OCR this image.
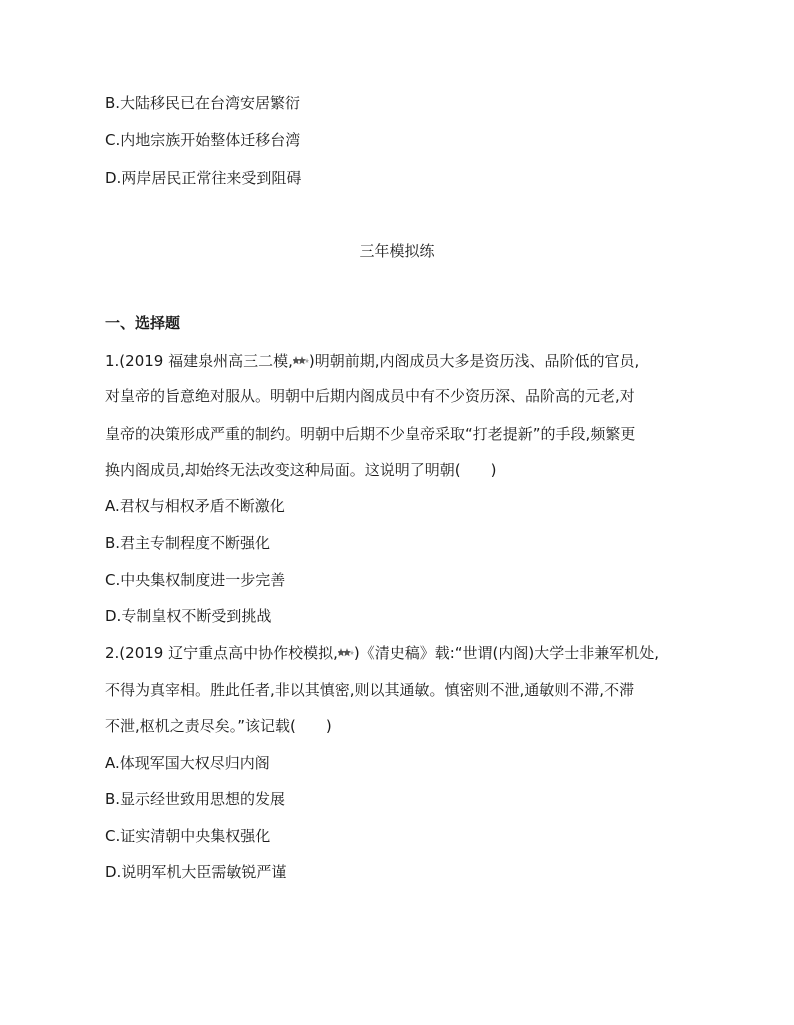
B.大陆移民已在台湾安居繁衍
C.内地宗族开始整体迁移台湾
D.两岸居民正常往来受到阻碍
三年模拟练
一、选择题
1.(2019 福建泉州高三二模, )明朝前期,内阁成员大多是资历浅、品阶低的官员,
对皇帝的旨意绝对服从。明朝中后期内阁成员中有不少资历深、品阶高的元老,对
皇帝的决策形成严重的制约。明朝中后期不少皇帝采取“打老提新”的手段,频繁更
换内阁成员,却始终无法改变这种局面。这说明了明朝(　　)
A.君权与相权矛盾不断激化
B.君主专制程度不断强化
C.中央集权制度进一步完善
D.专制皇权不断受到挑战
2.(2019 辽宁重点高中协作校模拟, )《清史稿》载:“世谓(内阁)大学士非兼军机处,
不得为真宰相。胜此任者,非以其慎密,则以其通敏。慎密则不泄,通敏则不滞,不滞
不泄,枢机之责尽矣。”该记载(　　)
A.体现军国大权尽归内阁
B.显示经世致用思想的发展
C.证实清朝中央集权强化
D.说明军机大臣需敏锐严谨
